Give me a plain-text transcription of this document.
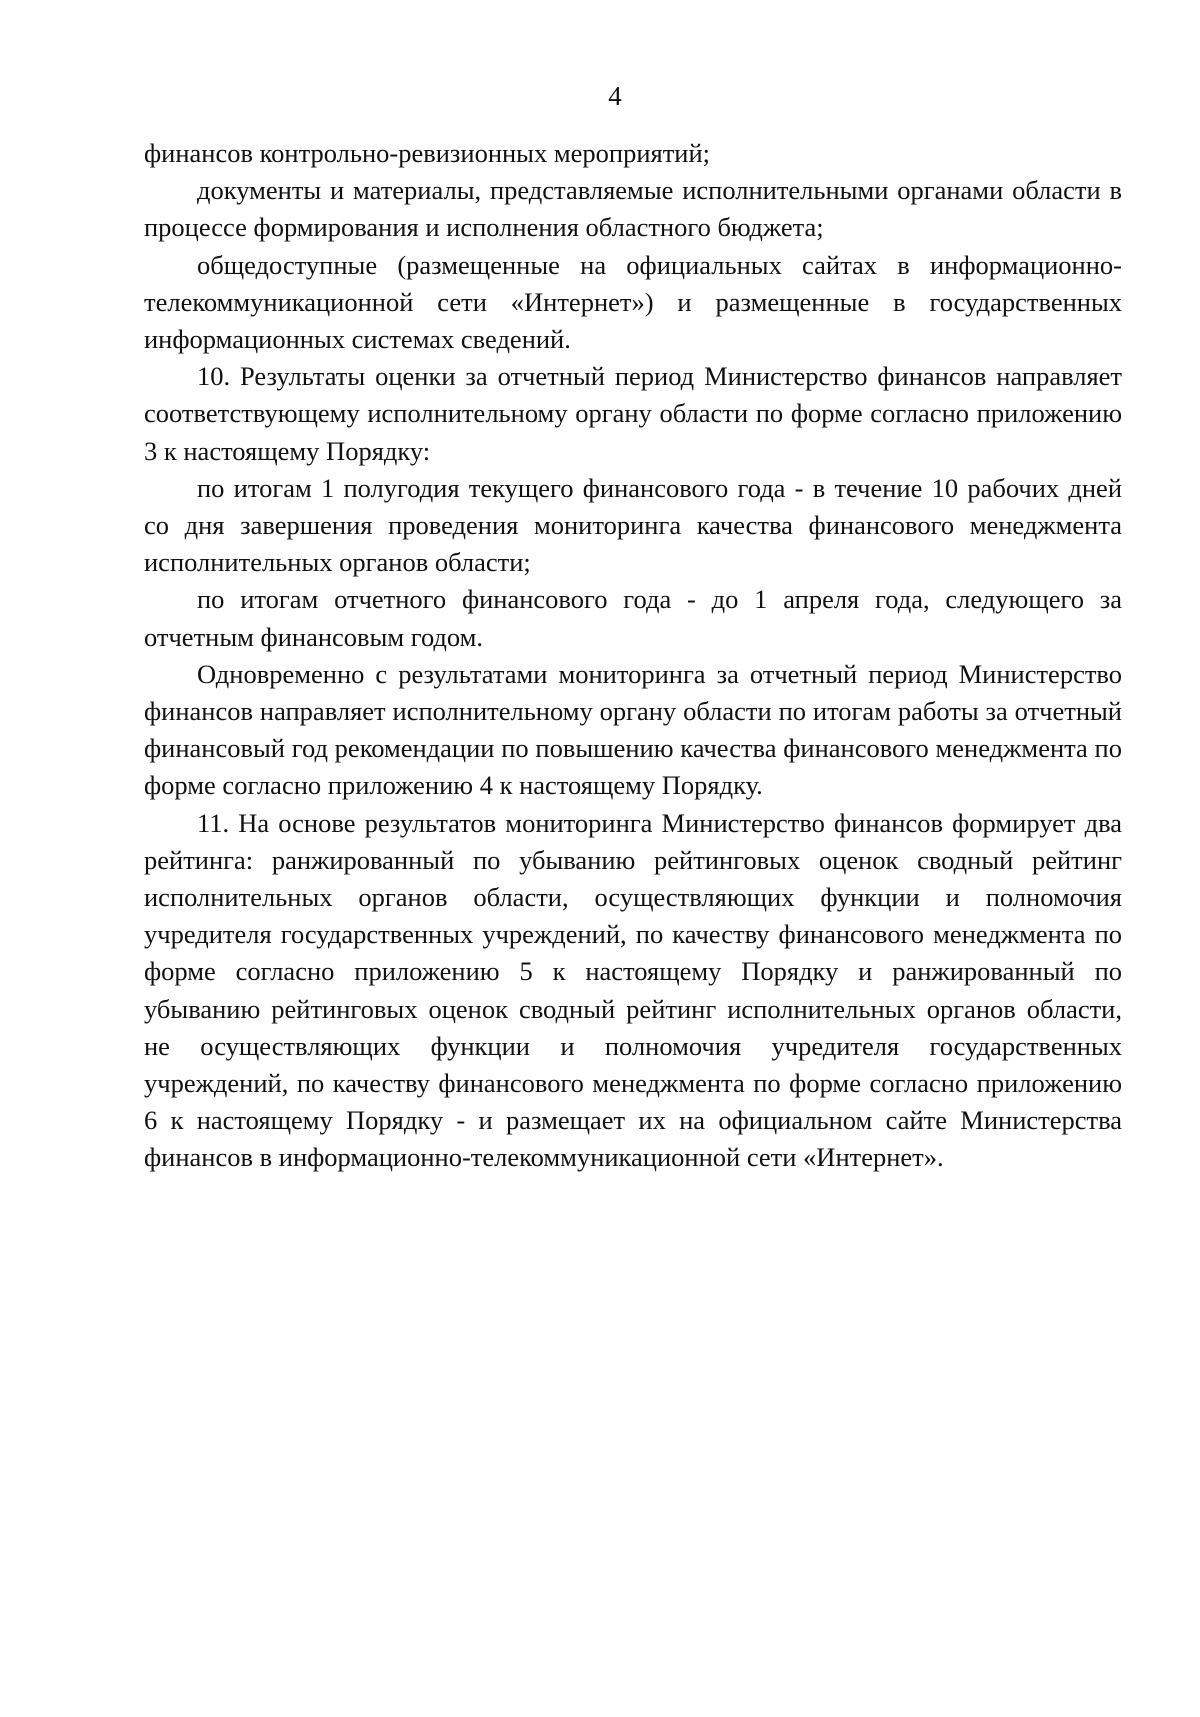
4

финансов контрольно-ревизионных мероприятий;

документы и материалы, представляемые исполнительными органами области в процессе формирования и исполнения областного бюджета;

общедоступные (размещенные на официальных сайтах в информационно-телекоммуникационной сети «Интернет») и размещенные в государственных информационных системах сведений.

10. Результаты оценки за отчетный период Министерство финансов направляет соответствующему исполнительному органу области по форме согласно приложению 3 к настоящему Порядку:

по итогам 1 полугодия текущего финансового года - в течение 10 рабочих дней со дня завершения проведения мониторинга качества финансового менеджмента исполнительных органов области;

по итогам отчетного финансового года - до 1 апреля года, следующего за отчетным финансовым годом.

Одновременно с результатами мониторинга за отчетный период Министерство финансов направляет исполнительному органу области по итогам работы за отчетный финансовый год рекомендации по повышению качества финансового менеджмента по форме согласно приложению 4 к настоящему Порядку.

11. На основе результатов мониторинга Министерство финансов формирует два рейтинга: ранжированный по убыванию рейтинговых оценок сводный рейтинг исполнительных органов области, осуществляющих функции и полномочия учредителя государственных учреждений, по качеству финансового менеджмента по форме согласно приложению 5 к настоящему Порядку и ранжированный по убыванию рейтинговых оценок сводный рейтинг исполнительных органов области, не осуществляющих функции и полномочия учредителя государственных учреждений, по качеству финансового менеджмента по форме согласно приложению 6 к настоящему Порядку - и размещает их на официальном сайте Министерства финансов в информационно-телекоммуникационной сети «Интернет».
